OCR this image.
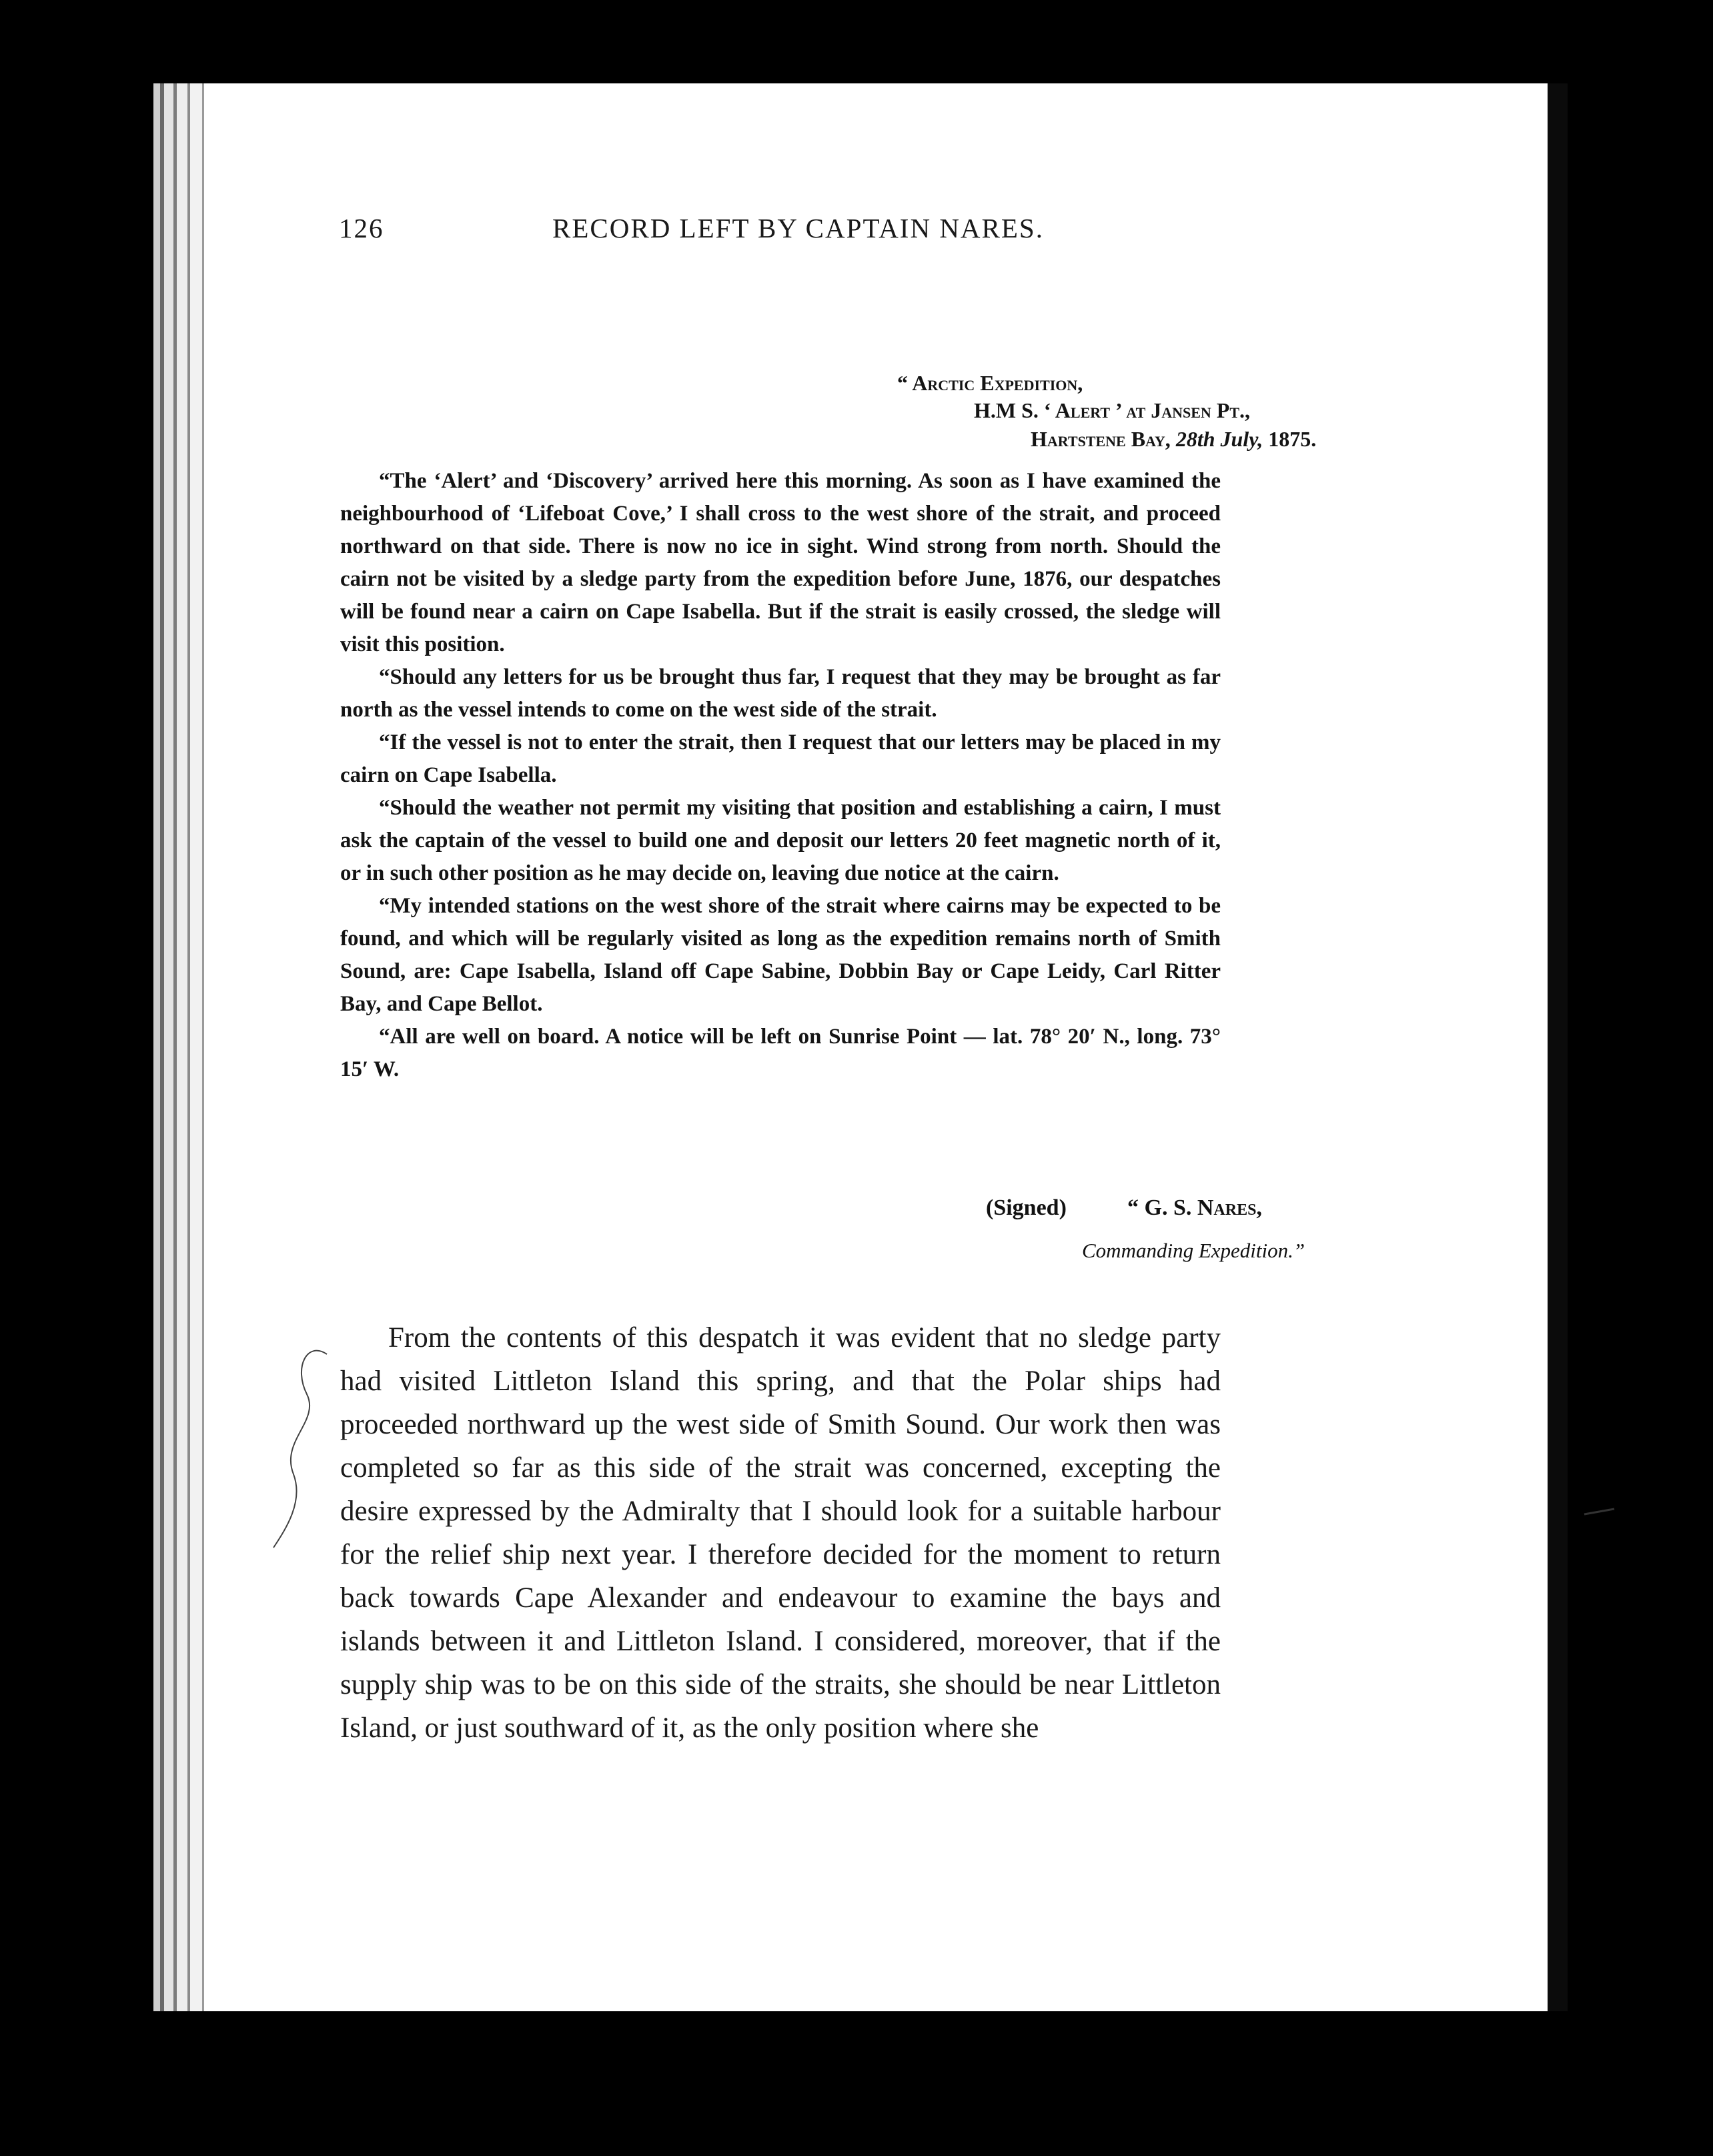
126	RECORD LEFT BY CAPTAIN NARES.
“ Arctic Expedition,
H.M S. ‘ Alert ’ at Jansen Pt.,
Hartstene Bay, 28th July, 1875.

“The ‘Alert’ and ‘Discovery’ arrived here this morning. As soon as I have examined the neighbourhood of ‘Lifeboat Cove,’ I shall cross to the west shore of the strait, and proceed northward on that side. There is now no ice in sight. Wind strong from north. Should the cairn not be visited by a sledge party from the expedition before June, 1876, our despatches will be found near a cairn on Cape Isabella. But if the strait is easily crossed, the sledge will visit this position.

“Should any letters for us be brought thus far, I request that they may be brought as far north as the vessel intends to come on the west side of the strait.

“If the vessel is not to enter the strait, then I request that our letters may be placed in my cairn on Cape Isabella.

“Should the weather not permit my visiting that position and establishing a cairn, I must ask the captain of the vessel to build one and deposit our letters 20 feet magnetic north of it, or in such other position as he may decide on, leaving due notice at the cairn.

“My intended stations on the west shore of the strait where cairns may be expected to be found, and which will be regularly visited as long as the expedition remains north of Smith Sound, are: Cape Isabella, Island off Cape Sabine, Dobbin Bay or Cape Leidy, Carl Ritter Bay, and Cape Bellot.

“All are well on board. A notice will be left on Sunrise Point — lat. 78° 20′ N., long. 73° 15′ W.

(Signed)	“ G. S. Nares,
Commanding Expedition.”

From the contents of this despatch it was evident that no sledge party had visited Littleton Island this spring, and that the Polar ships had proceeded northward up the west side of Smith Sound. Our work then was completed so far as this side of the strait was concerned, excepting the desire expressed by the Admiralty that I should look for a suitable harbour for the relief ship next year. I therefore decided for the moment to return back towards Cape Alexander and endeavour to examine the bays and islands between it and Littleton Island. I considered, moreover, that if the supply ship was to be on this side of the straits, she should be near Littleton Island, or just southward of it, as the only position where she
